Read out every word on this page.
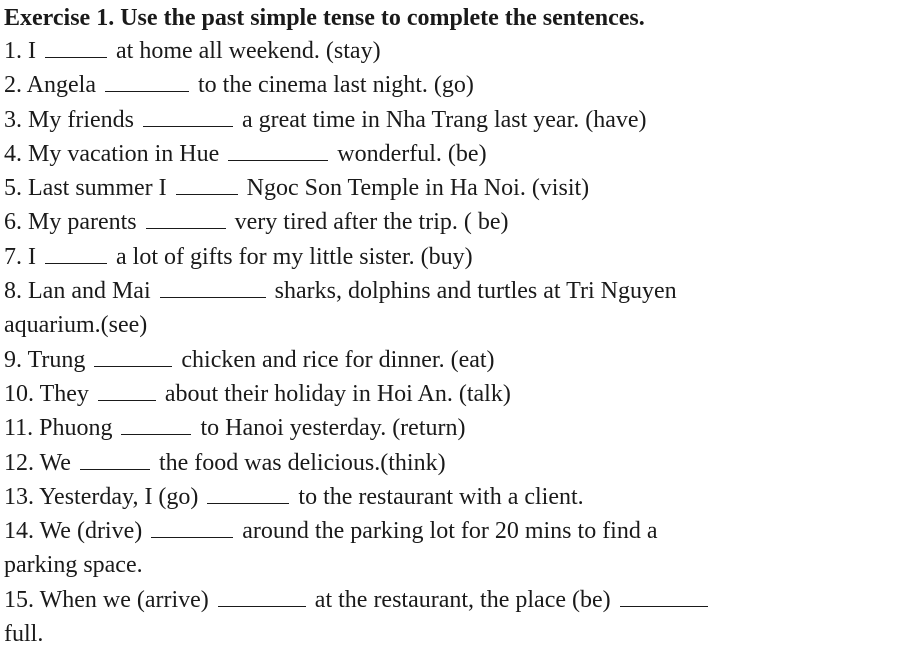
Exercise 1. Use the past simple tense to complete the sentences.
1. I	at home all weekend. (stay)
2. Angela	to the cinema last night. (go)
3. My friends	a great time in Nha Trang last year. (have)
4. My vacation in Hue	wonderful. (be)
5. Last summer I	Ngoc Son Temple in Ha Noi. (visit)
6. My parents	very tired after the trip. ( be)
7. I	a lot of gifts for my little sister. (buy)
8. Lan and Mai	sharks, dolphins and turtles at Tri Nguyen
aquarium.(see)
9. Trung	chicken and rice for dinner. (eat)
10. They	about their holiday in Hoi An. (talk)
11. Phuong	to Hanoi yesterday. (return)
12. We	the food was delicious.(think)
13. Yesterday, I (go)	to the restaurant with a client.
14. We (drive)	around the parking lot for 20 mins to find a
parking space.
15. When we (arrive)	at the restaurant, the place (be)
full.
